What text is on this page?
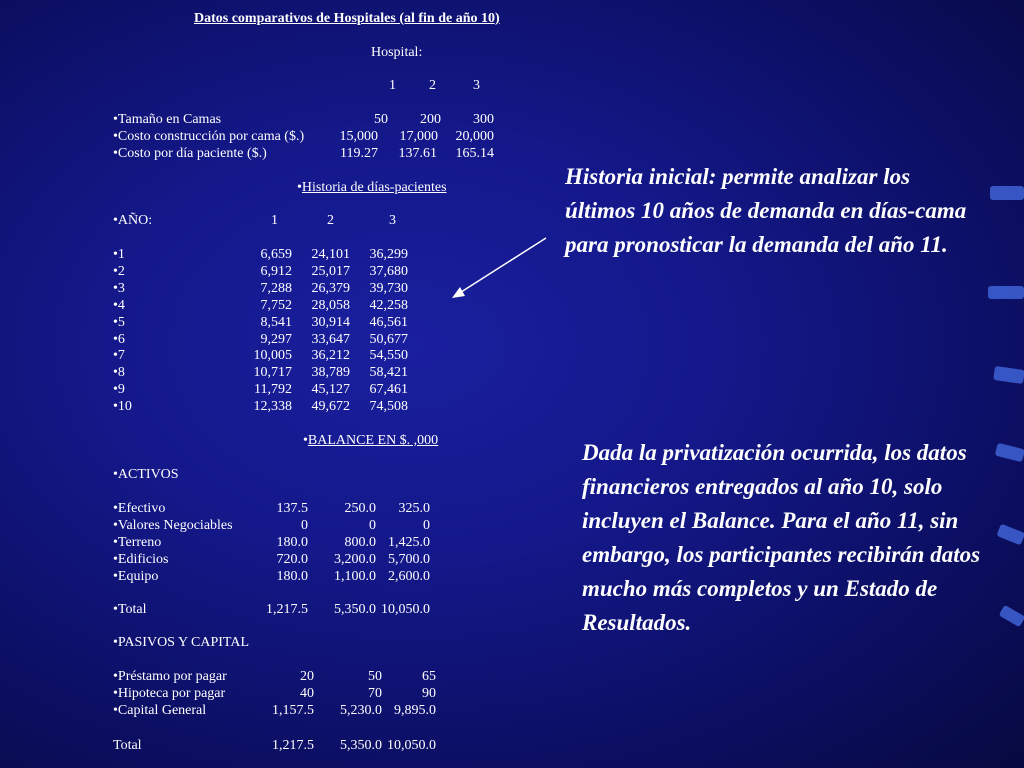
Datos comparativos de Hospitales (al fin de año 10)
Hospital:
1	2	3
•Tamaño en Camas	50	200	300
•Costo construcción por cama ($.)	15,000	17,000	20,000
•Costo por día paciente ($.)	119.27	137.61	165.14
•Historia de días-pacientes
•AÑO:	1	2	3
•1	6,659	24,101	36,299
•2	6,912	25,017	37,680
•3	7,288	26,379	39,730
•4	7,752	28,058	42,258
•5	8,541	30,914	46,561
•6	9,297	33,647	50,677
•7	10,005	36,212	54,550
•8	10,717	38,789	58,421
•9	11,792	45,127	67,461
•10	12,338	49,672	74,508
•BALANCE EN $. ,000
•ACTIVOS
•Efectivo	137.5	250.0	325.0
•Valores Negociables	0	0	0
•Terreno	180.0	800.0 1,425.0
•Edificios	720.0	3,200.0 5,700.0
•Equipo	180.0	1,100.0 2,600.0
•Total	1,217.5	5,350.0 10,050.0
•PASIVOS Y CAPITAL
•Préstamo por pagar	20	50	65
•Hipoteca por pagar	40	70	90
•Capital General	1,157.5	5,230.0 9,895.0
Total	1,217.5	5,350.0 10,050.0
Historia inicial: permite analizar los últimos 10 años de demanda en días-cama para pronosticar la demanda del año 11.
Dada la privatización ocurrida, los datos financieros entregados al año 10, solo incluyen el Balance. Para el año 11, sin embargo, los participantes recibirán datos mucho más completos y un Estado de Resultados.
